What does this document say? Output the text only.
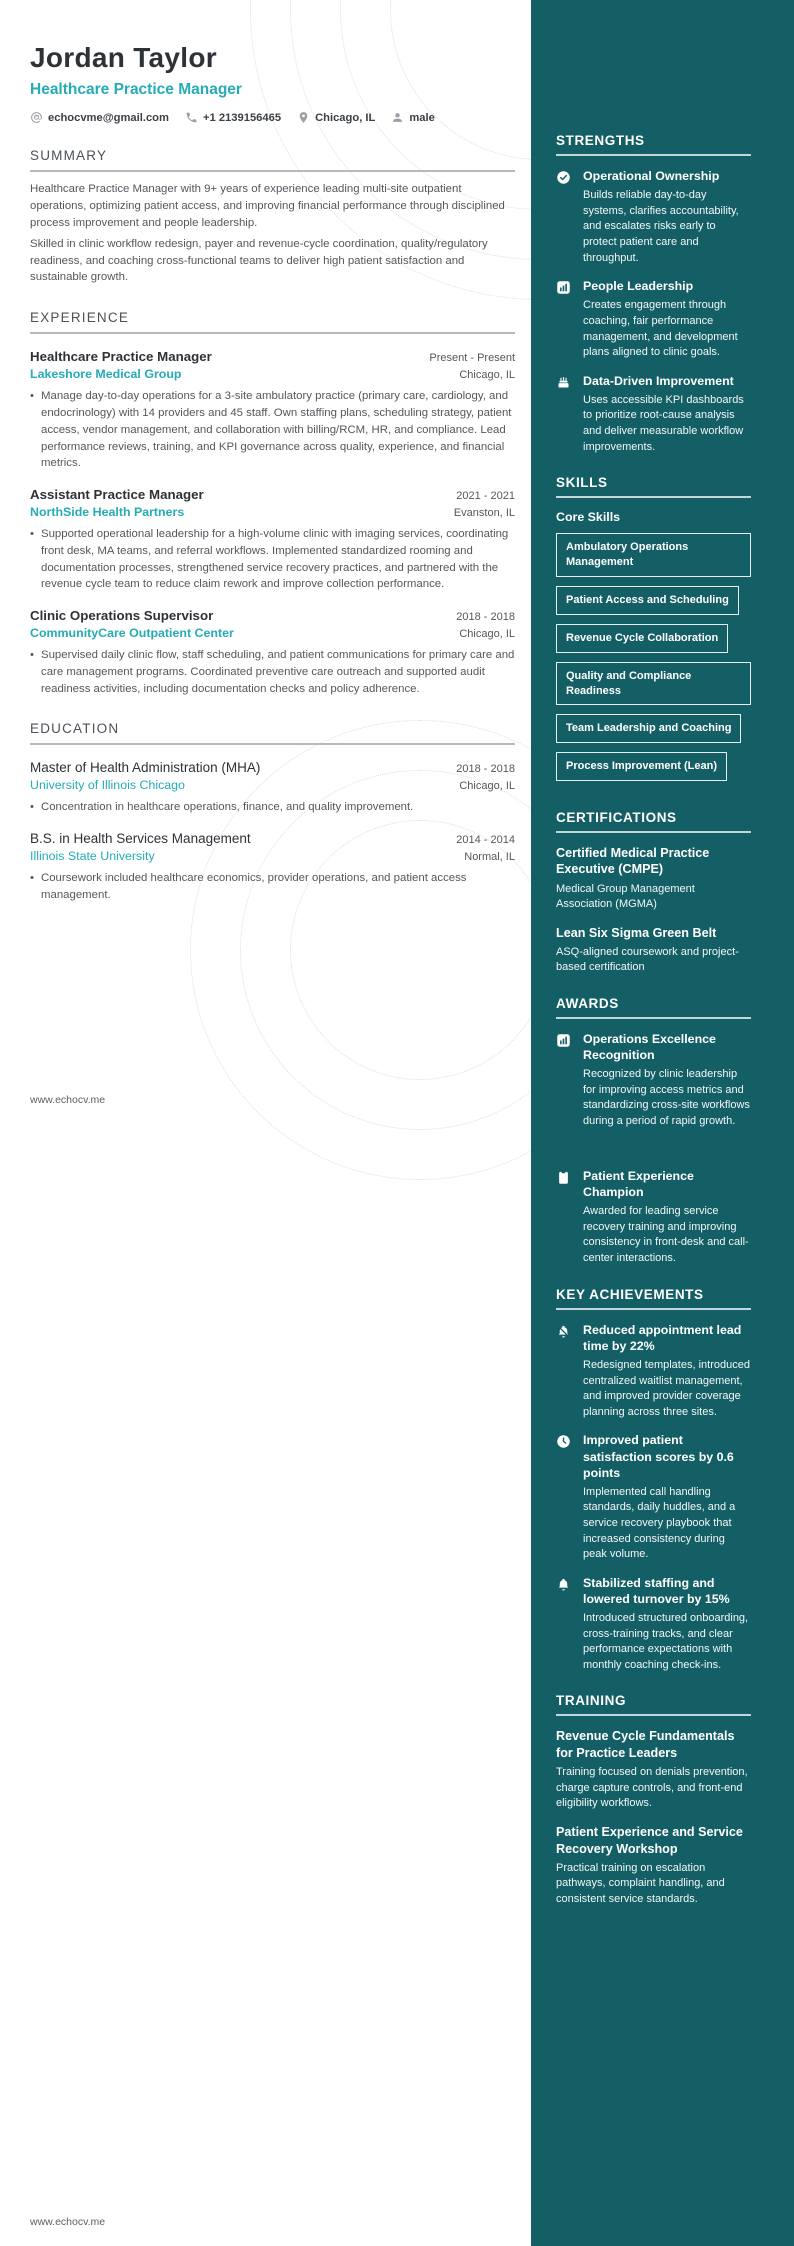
Jordan Taylor
Healthcare Practice Manager
echocvme@gmail.com	+1 2139156465	Chicago, IL	male
SUMMARY
Healthcare Practice Manager with 9+ years of experience leading multi-site outpatient operations, optimizing patient access, and improving financial performance through disciplined process improvement and people leadership.
Skilled in clinic workflow redesign, payer and revenue-cycle coordination, quality/regulatory readiness, and coaching cross-functional teams to deliver high patient satisfaction and sustainable growth.
EXPERIENCE
Healthcare Practice Manager	Present - Present
Lakeshore Medical Group	Chicago, IL
• Manage day-to-day operations for a 3-site ambulatory practice (primary care, cardiology, and endocrinology) with 14 providers and 45 staff. Own staffing plans, scheduling strategy, patient access, vendor management, and collaboration with billing/RCM, HR, and compliance. Lead performance reviews, training, and KPI governance across quality, experience, and financial metrics.
Assistant Practice Manager	2021 - 2021
NorthSide Health Partners	Evanston, IL
• Supported operational leadership for a high-volume clinic with imaging services, coordinating front desk, MA teams, and referral workflows. Implemented standardized rooming and documentation processes, strengthened service recovery practices, and partnered with the revenue cycle team to reduce claim rework and improve collection performance.
Clinic Operations Supervisor	2018 - 2018
CommunityCare Outpatient Center	Chicago, IL
• Supervised daily clinic flow, staff scheduling, and patient communications for primary care and care management programs. Coordinated preventive care outreach and supported audit readiness activities, including documentation checks and policy adherence.
EDUCATION
Master of Health Administration (MHA)	2018 - 2018
University of Illinois Chicago	Chicago, IL
• Concentration in healthcare operations, finance, and quality improvement.
B.S. in Health Services Management	2014 - 2014
Illinois State University	Normal, IL
• Coursework included healthcare economics, provider operations, and patient access management.
www.echocv.me
www.echocv.me
STRENGTHS
Operational Ownership
Builds reliable day-to-day systems, clarifies accountability, and escalates risks early to protect patient care and throughput.
People Leadership
Creates engagement through coaching, fair performance management, and development plans aligned to clinic goals.
Data-Driven Improvement
Uses accessible KPI dashboards to prioritize root-cause analysis and deliver measurable workflow improvements.
SKILLS
Core Skills
Ambulatory Operations Management Patient Access and Scheduling Revenue Cycle Collaboration Quality and Compliance Readiness Team Leadership and Coaching Process Improvement (Lean)
CERTIFICATIONS
Certified Medical Practice Executive (CMPE)
Medical Group Management Association (MGMA)
Lean Six Sigma Green Belt
ASQ-aligned coursework and project-based certification
AWARDS
Operations Excellence Recognition
Recognized by clinic leadership for improving access metrics and standardizing cross-site workflows during a period of rapid growth.
Patient Experience Champion
Awarded for leading service recovery training and improving consistency in front-desk and call-center interactions.
KEY ACHIEVEMENTS
Reduced appointment lead time by 22%
Redesigned templates, introduced centralized waitlist management, and improved provider coverage planning across three sites.
Improved patient satisfaction scores by 0.6 points
Implemented call handling standards, daily huddles, and a service recovery playbook that increased consistency during peak volume.
Stabilized staffing and lowered turnover by 15%
Introduced structured onboarding, cross-training tracks, and clear performance expectations with monthly coaching check-ins.
TRAINING
Revenue Cycle Fundamentals for Practice Leaders
Training focused on denials prevention, charge capture controls, and front-end eligibility workflows.
Patient Experience and Service Recovery Workshop
Practical training on escalation pathways, complaint handling, and consistent service standards.
